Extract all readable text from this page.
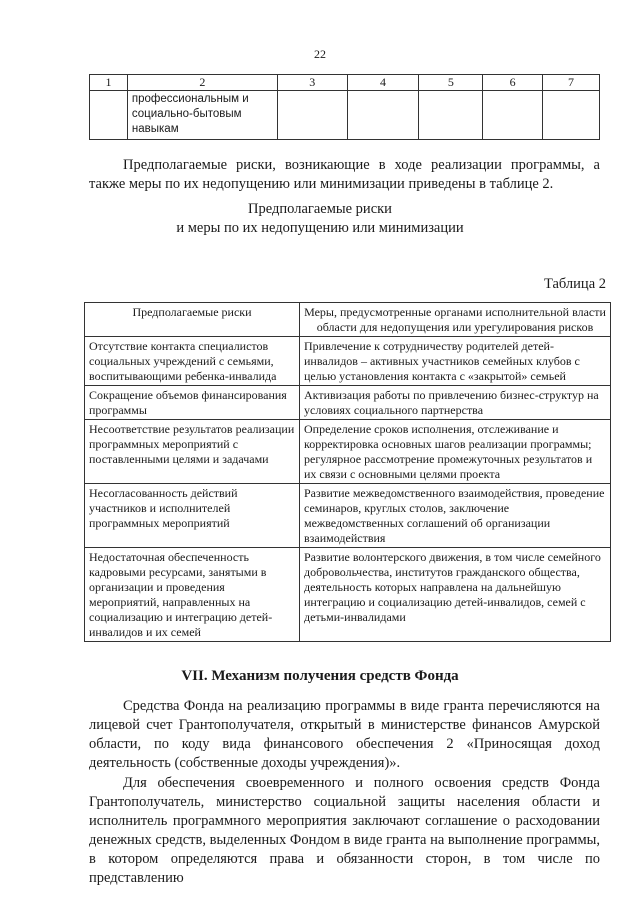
22
1	2	3	4	5	6	7
	профессиональным и социально-бытовым навыкам					

Предполагаемые риски, возникающие в ходе реализации программы, а также меры по их недопущению или минимизации приведены в таблице 2.

Предполагаемые риски

и меры по их недопущению или минимизации

Таблица 2

Предполагаемые риски	Меры, предусмотренные органами исполнительной власти области для недопущения или урегулирования рисков
Отсутствие контакта специалистов социальных учреждений с семьями, воспитывающими ребенка-инвалида	Привлечение к сотрудничеству родителей детей-инвалидов – активных участников семейных клубов с целью установления контакта с «закрытой» семьей
Сокращение объемов финансирования программы	Активизация работы по привлечению бизнес-структур на условиях социального партнерства
Несоответствие результатов реализации программных мероприятий с поставленными целями и задачами	Определение сроков исполнения, отслеживание и корректировка основных шагов реализации программы; регулярное рассмотрение промежуточных результатов и их связи с основными целями проекта
Несогласованность действий участников и исполнителей программных мероприятий	Развитие межведомственного взаимодействия, проведение семинаров, круглых столов, заключение межведомственных соглашений об организации взаимодействия
Недостаточная обеспеченность кадровыми ресурсами, занятыми в организации и проведения мероприятий, направленных на социализацию и интеграцию детей-инвалидов и их семей	Развитие волонтерского движения, в том числе семейного добровольчества, институтов гражданского общества, деятельность которых направлена на дальнейшую интеграцию и социализацию детей-инвалидов, семей с детьми-инвалидами

VII. Механизм получения средств Фонда

Средства Фонда на реализацию программы в виде гранта перечисляются на лицевой счет Грантополучателя, открытый в министерстве финансов Амурской области, по коду вида финансового обеспечения 2 «Приносящая доход деятельность (собственные доходы учреждения)».

Для обеспечения своевременного и полного освоения средств Фонда Грантополучатель, министерство социальной защиты населения области и исполнитель программного мероприятия заключают соглашение о расходовании денежных средств, выделенных Фондом в виде гранта на выполнение программы, в котором определяются права и обязанности сторон, в том числе по представлению
